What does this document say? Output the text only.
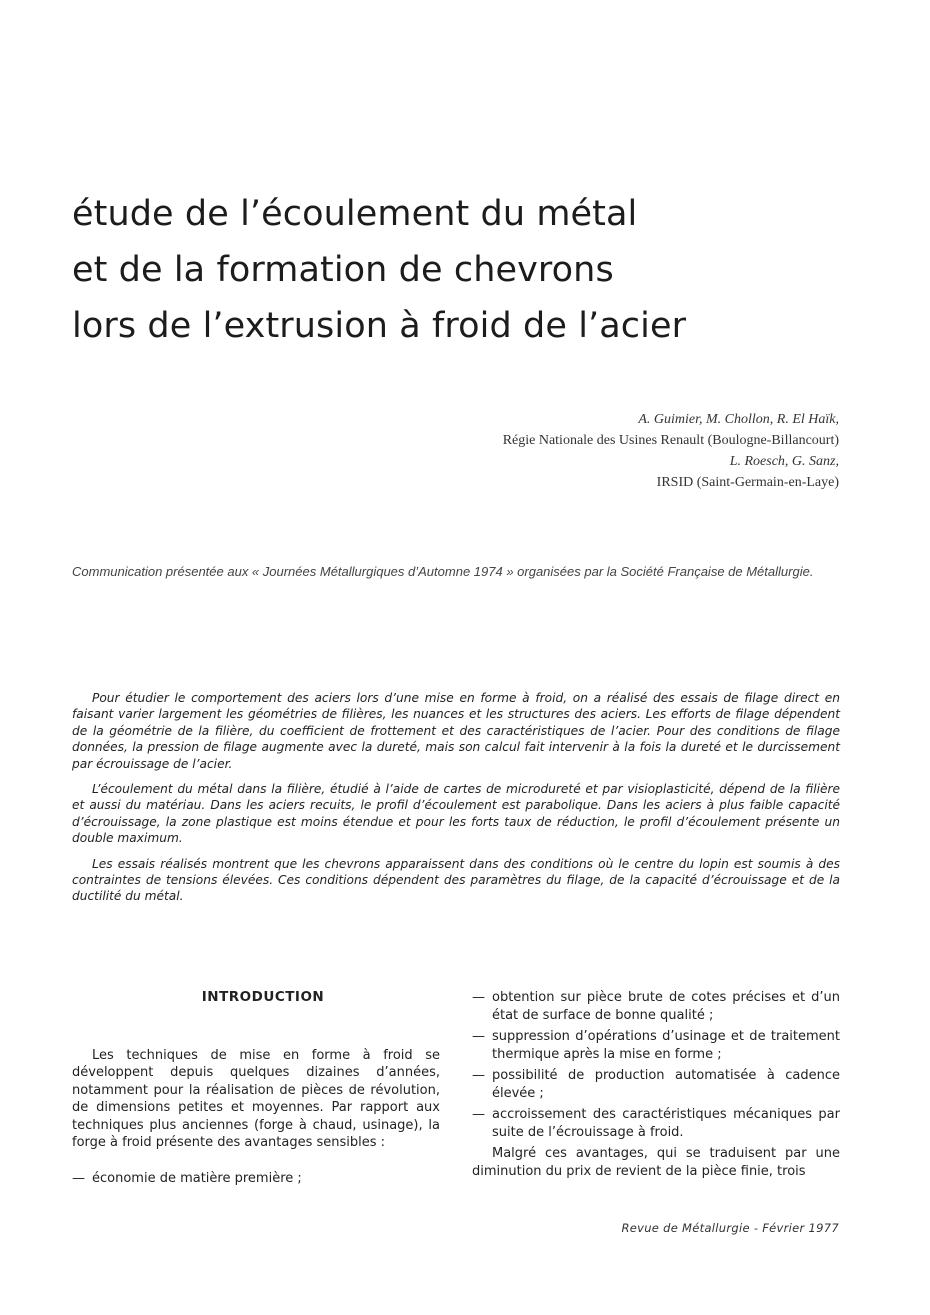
étude de l’écoulement du métal
et de la formation de chevrons
lors de l’extrusion à froid de l’acier
A. Guimier, M. Chollon, R. El Haïk,
Régie Nationale des Usines Renault (Boulogne-Billancourt)
L. Roesch, G. Sanz,
IRSID (Saint-Germain-en-Laye)
Communication présentée aux « Journées Métallurgiques d’Automne 1974 » organisées par la Société Française de Métallurgie.

Pour étudier le comportement des aciers lors d’une mise en forme à froid, on a réalisé des essais de filage direct en faisant varier largement les géométries de filières, les nuances et les structures des aciers. Les efforts de filage dépendent de la géométrie de la filière, du coefficient de frottement et des caractéristiques de l’acier. Pour des conditions de filage données, la pression de filage augmente avec la dureté, mais son calcul fait intervenir à la fois la dureté et le durcissement par écrouissage de l’acier.

L’écoulement du métal dans la filière, étudié à l’aide de cartes de microdureté et par visioplasticité, dépend de la filière et aussi du matériau. Dans les aciers recuits, le profil d’écoulement est parabolique. Dans les aciers à plus faible capacité d’écrouissage, la zone plastique est moins étendue et pour les forts taux de réduction, le profil d’écoulement présente un double maximum.

Les essais réalisés montrent que les chevrons apparaissent dans des conditions où le centre du lopin est soumis à des contraintes de tensions élevées. Ces conditions dépendent des paramètres du filage, de la capacité d’écrouissage et de la ductilité du métal.

INTRODUCTION
Les techniques de mise en forme à froid se développent depuis quelques dizaines d’années, notamment pour la réalisation de pièces de révolution, de dimensions petites et moyennes. Par rapport aux techniques plus anciennes (forge à chaud, usinage), la forge à froid présente des avantages sensibles :
— économie de matière première ;
— obtention sur pièce brute de cotes précises et d’un état de surface de bonne qualité ;
— suppression d’opérations d’usinage et de traitement thermique après la mise en forme ;
— possibilité de production automatisée à cadence élevée ;
— accroissement des caractéristiques mécaniques par suite de l’écrouissage à froid.
Malgré ces avantages, qui se traduisent par une diminution du prix de revient de la pièce finie, trois
Revue de Métallurgie - Février 1977
